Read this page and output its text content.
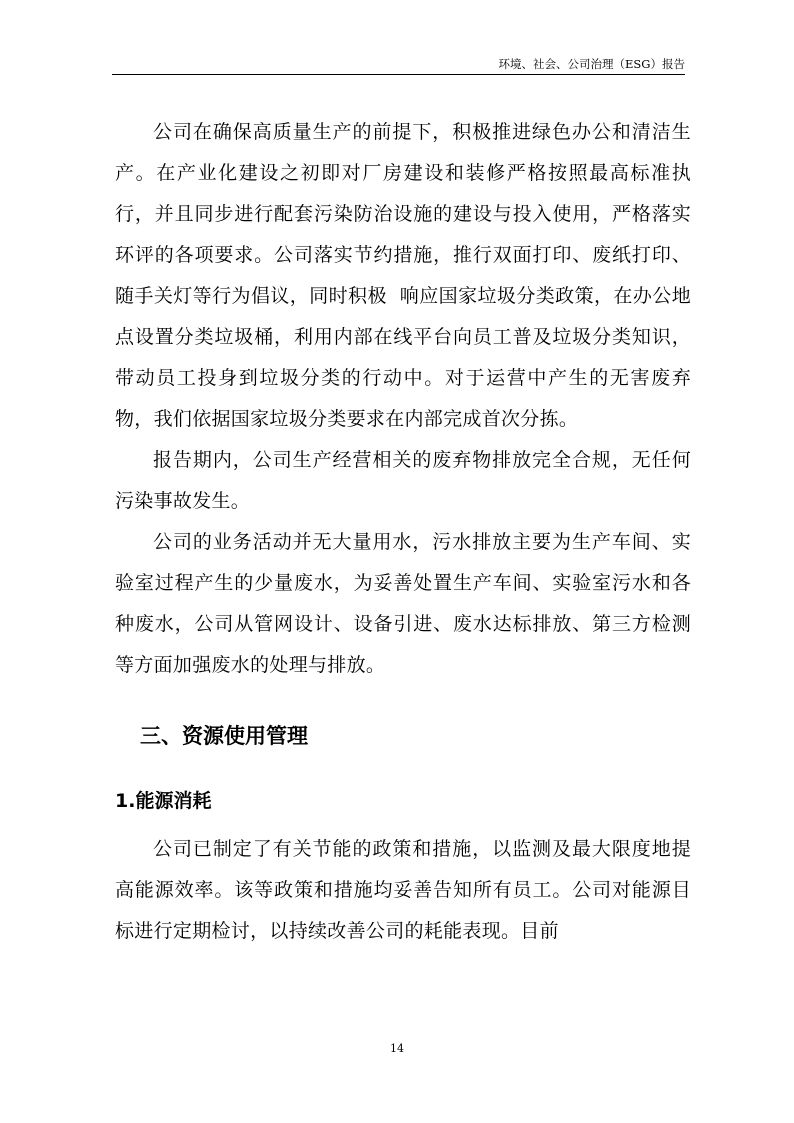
环境、社会、公司治理（ESG）报告

公司在确保高质量生产的前提下，积极推进绿色办公和清洁生产。在产业化建设之初即对厂房建设和装修严格按照最高标准执行，并且同步进行配套污染防治设施的建设与投入使用，严格落实环评的各项要求。公司落实节约措施，推行双面打印、废纸打印、随手关灯等行为倡议，同时积极  响应国家垃圾分类政策，在办公地点设置分类垃圾桶，利用内部在线平台向员工普及垃圾分类知识，带动员工投身到垃圾分类的行动中。对于运营中产生的无害废弃物，我们依据国家垃圾分类要求在内部完成首次分拣。

报告期内，公司生产经营相关的废弃物排放完全合规，无任何污染事故发生。

公司的业务活动并无大量用水，污水排放主要为生产车间、实验室过程产生的少量废水，为妥善处置生产车间、实验室污水和各种废水，公司从管网设计、设备引进、废水达标排放、第三方检测等方面加强废水的处理与排放。

三、资源使用管理
1.能源消耗

公司已制定了有关节能的政策和措施，以监测及最大限度地提高能源效率。该等政策和措施均妥善告知所有员工。公司对能源目标进行定期检讨，以持续改善公司的耗能表现。目前

14
